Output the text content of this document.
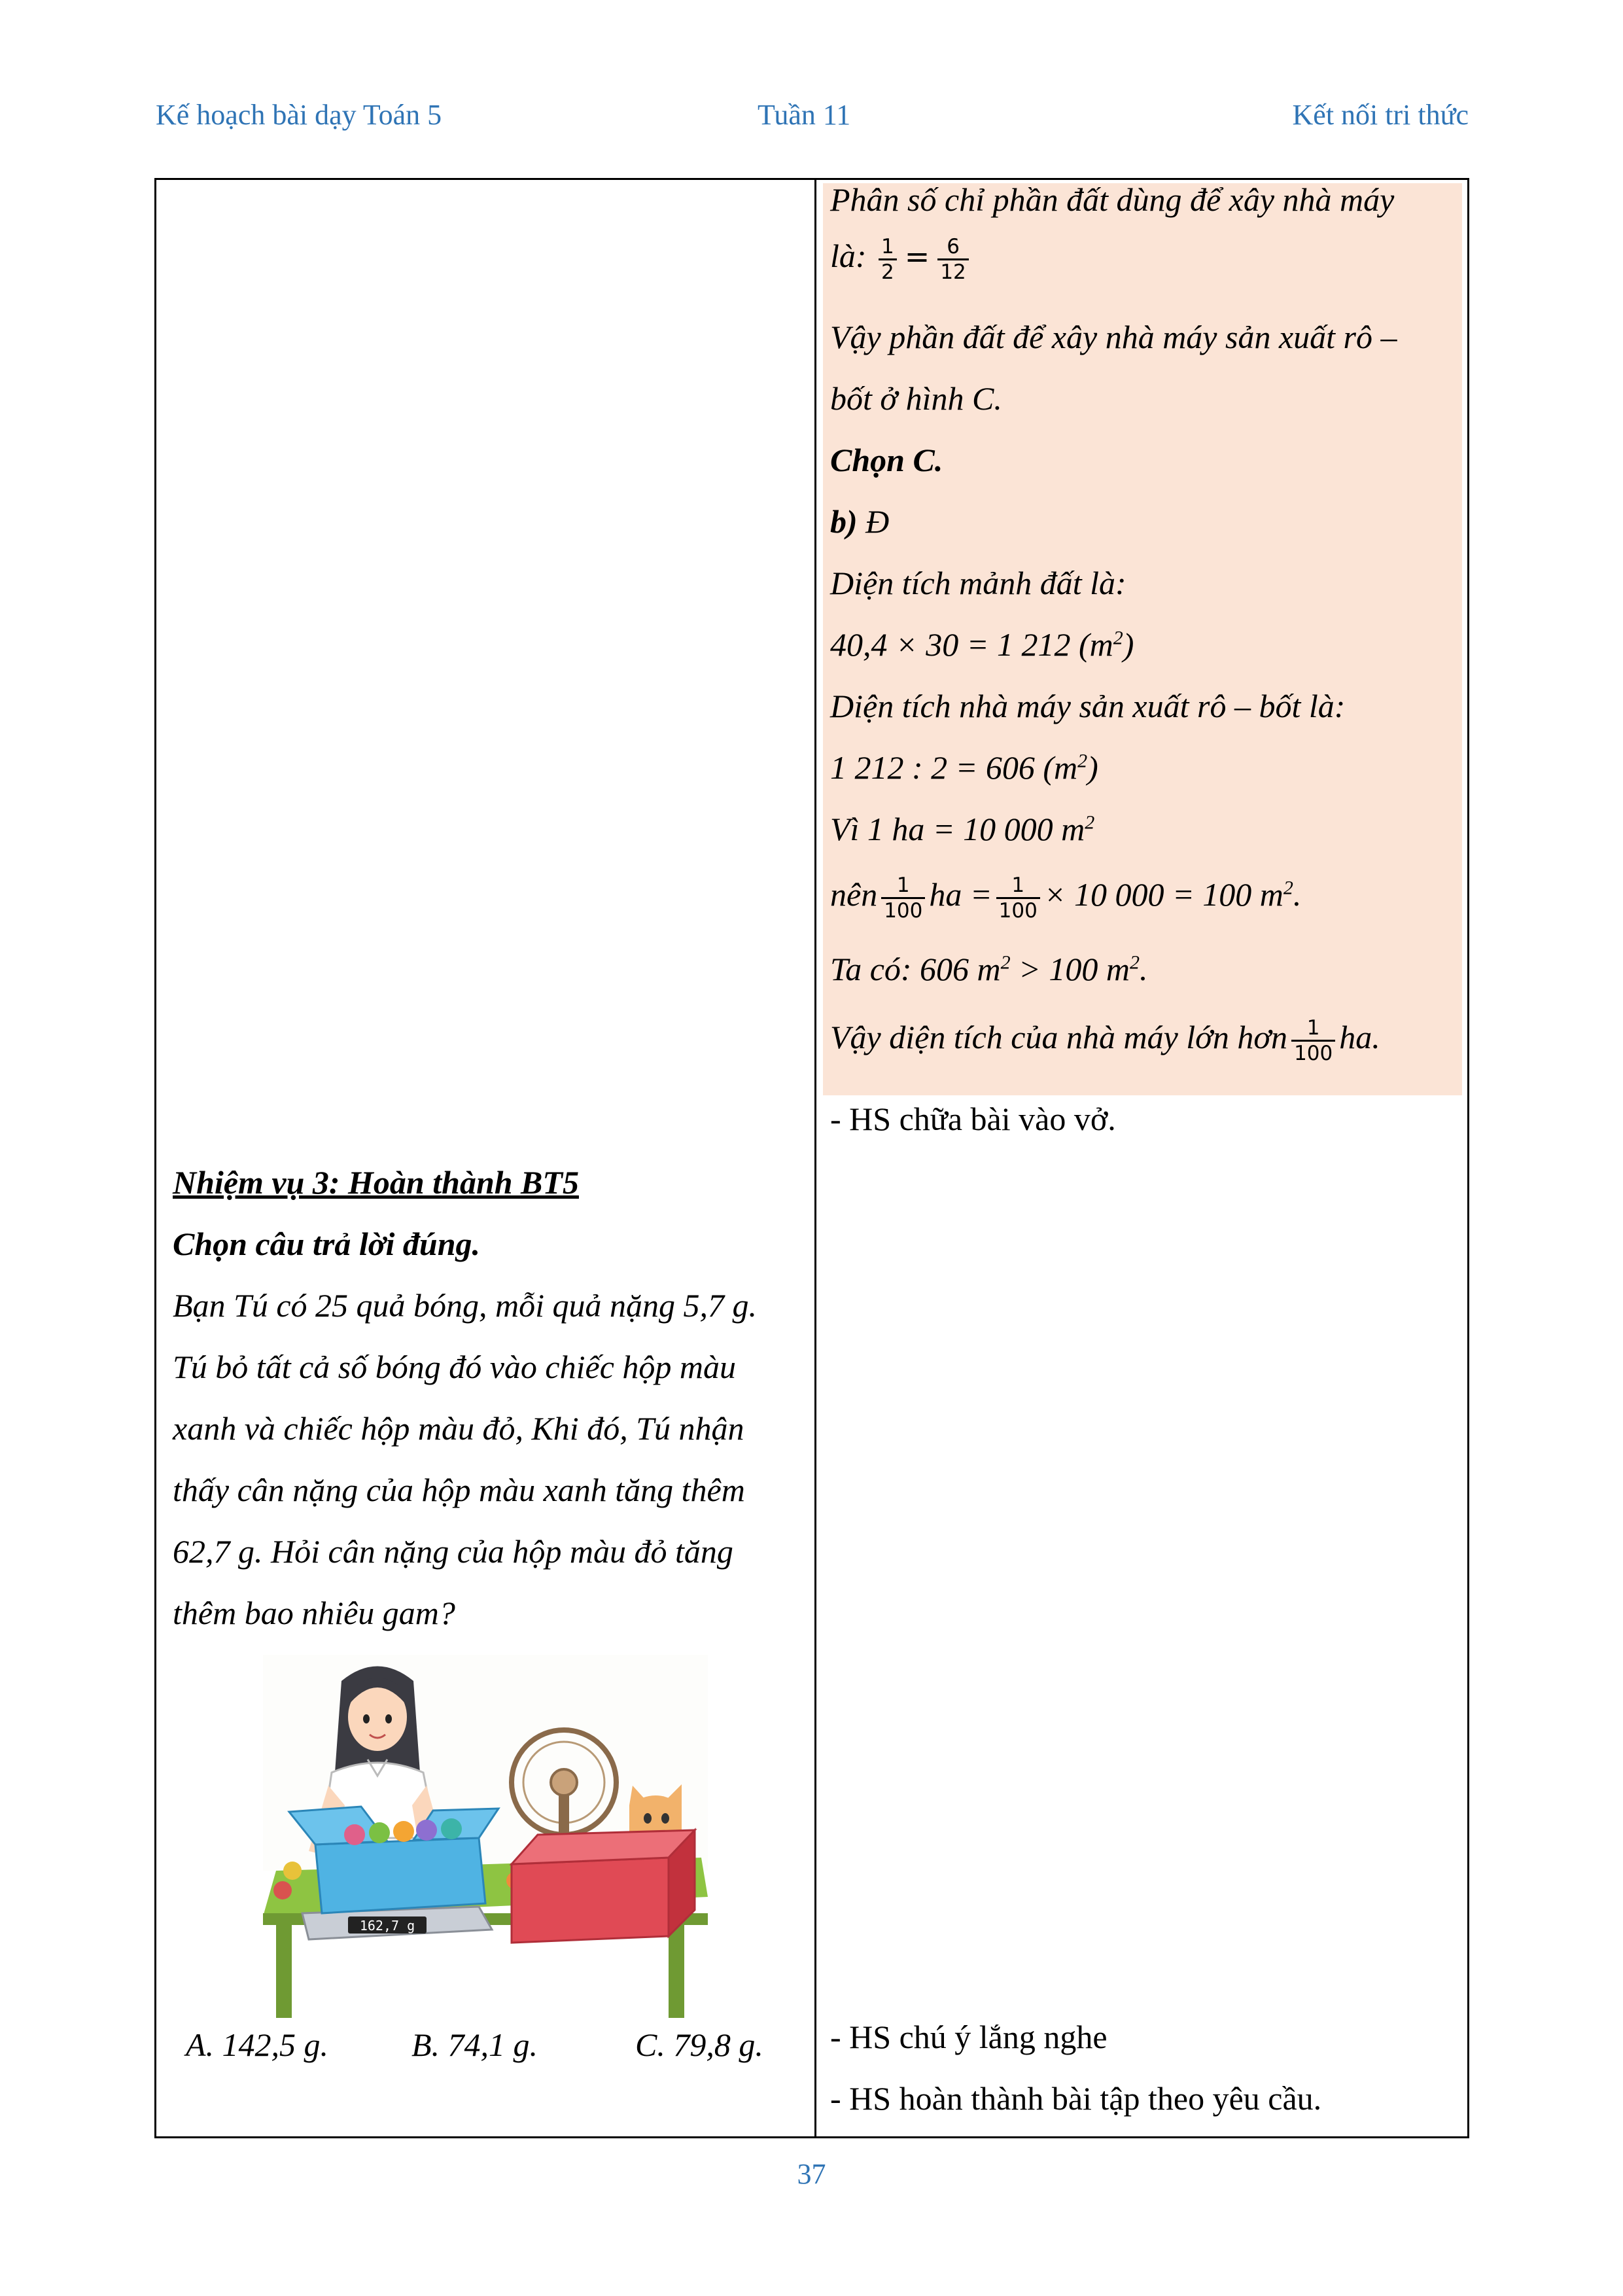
Kế hoạch bài dạy Toán 5	Tuần 11	Kết nối tri thức
Phân số chỉ phần đất dùng để xây nhà máy
là: $\frac{1}{2} = \frac{6}{12}$
Vậy phần đất để xây nhà máy sản xuất rô –
bốt ở hình C.
Chọn C.
b) Đ
Diện tích mảnh đất là:
40,4 × 30 = 1 212 $(m^2)$
Diện tích nhà máy sản xuất rô – bốt là:
1 212 : 2 = 606 $(m^2)$
Vì 1 ha = 10 000 $m^2$
nên $\frac{1}{100}$ ha = $\frac{1}{100} \times 10$ 000 = 100 $m^2$.
Ta có: 606 $m^2 > 100$ $m^2$.
Vậy diện tích của nhà máy lớn hơn $\frac{1}{100}$ ha.
- HS chữa bài vào vở.
- HS chú ý lắng nghe
- HS hoàn thành bài tập theo yêu cầu.
Nhiệm vụ 3: Hoàn thành BT5
Chọn câu trả lời đúng.
Bạn Tú có 25 quả bóng, mỗi quả nặng 5,7 g.
Tú bỏ tất cả số bóng đó vào chiếc hộp màu
xanh và chiếc hộp màu đỏ, Khi đó, Tú nhận
thấy cân nặng của hộp màu xanh tăng thêm
62,7 g. Hỏi cân nặng của hộp màu đỏ tăng
thêm bao nhiêu gam?
162,7 g
A. 142,5 g.	B. 74,1 g.	C. 79,8 g.
37
